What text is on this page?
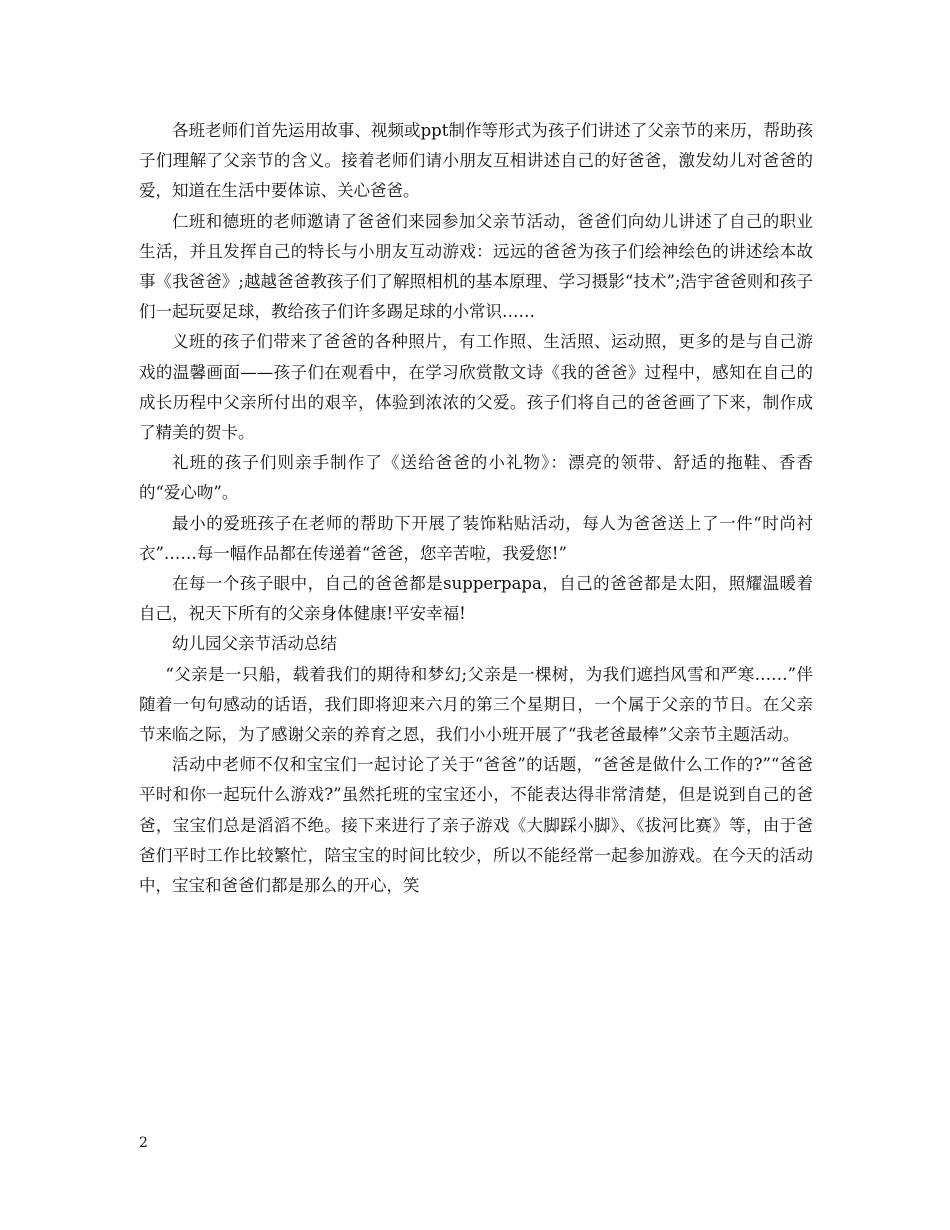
各班老师们首先运用故事、视频或ppt制作等形式为孩子们讲述了父亲节的来历，帮助孩子们理解了父亲节的含义。接着老师们请小朋友互相讲述自己的好爸爸，激发幼儿对爸爸的爱，知道在生活中要体谅、关心爸爸。

仁班和德班的老师邀请了爸爸们来园参加父亲节活动，爸爸们向幼儿讲述了自己的职业生活，并且发挥自己的特长与小朋友互动游戏：远远的爸爸为孩子们绘神绘色的讲述绘本故事《我爸爸》;越越爸爸教孩子们了解照相机的基本原理、学习摄影“技术”;浩宇爸爸则和孩子们一起玩耍足球，教给孩子们许多踢足球的小常识……

义班的孩子们带来了爸爸的各种照片，有工作照、生活照、运动照，更多的是与自己游戏的温馨画面——孩子们在观看中，在学习欣赏散文诗《我的爸爸》过程中，感知在自己的成长历程中父亲所付出的艰辛，体验到浓浓的父爱。孩子们将自己的爸爸画了下来，制作成了精美的贺卡。

礼班的孩子们则亲手制作了《送给爸爸的小礼物》：漂亮的领带、舒适的拖鞋、香香的“爱心吻”。

最小的爱班孩子在老师的帮助下开展了装饰粘贴活动，每人为爸爸送上了一件“时尚衬衣”……每一幅作品都在传递着“爸爸，您辛苦啦，我爱您!”

在每一个孩子眼中，自己的爸爸都是supperpapa，自己的爸爸都是太阳，照耀温暖着自己，祝天下所有的父亲身体健康!平安幸福!

幼儿园父亲节活动总结

“父亲是一只船，载着我们的期待和梦幻;父亲是一棵树，为我们遮挡风雪和严寒……”伴随着一句句感动的话语，我们即将迎来六月的第三个星期日，一个属于父亲的节日。在父亲节来临之际，为了感谢父亲的养育之恩，我们小小班开展了“我老爸最棒”父亲节主题活动。

活动中老师不仅和宝宝们一起讨论了关于“爸爸”的话题，“爸爸是做什么工作的?”“爸爸平时和你一起玩什么游戏?”虽然托班的宝宝还小，不能表达得非常清楚，但是说到自己的爸爸，宝宝们总是滔滔不绝。接下来进行了亲子游戏《大脚踩小脚》、《拔河比赛》等，由于爸爸们平时工作比较繁忙，陪宝宝的时间比较少，所以不能经常一起参加游戏。在今天的活动中，宝宝和爸爸们都是那么的开心，笑

2
